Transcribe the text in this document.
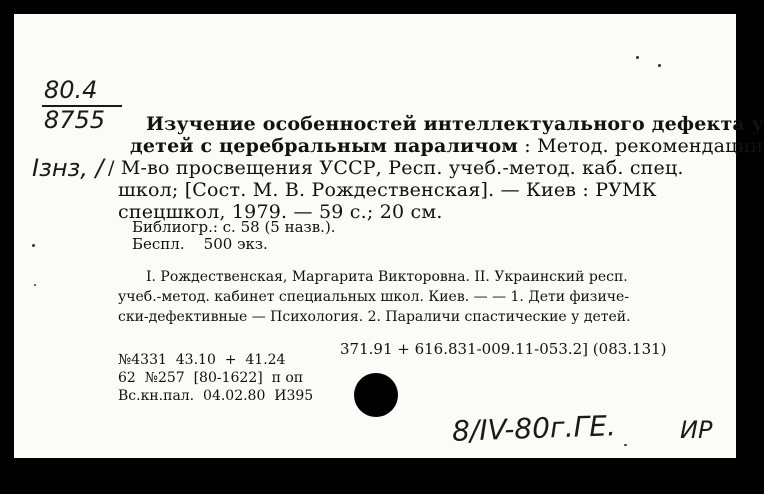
80.4
8755
Ізнз, /
Изучение особенностей интеллектуального дефекта у
детей с церебральным параличом : Метод. рекомендации
/ М-во просвещения УССР, Респ. учеб.-метод. каб. спец.
школ; [Сост. М. В. Рождественская]. — Киев : РУМК
спецшкол, 1979. — 59 с.; 20 см.
Библиогр.: с. 58 (5 назв.).
Беспл.    500 экз.
I. Рождественская, Маргарита Викторовна. II. Украинский респ.
учеб.-метод. кабинет специальных школ. Киев. — — 1. Дети физиче-
ски-дефективные — Психология. 2. Параличи спастические у детей.
371.91 + 616.831-009.11-053.2] (083.131)
№4331  43.10  +  41.24
62  №257  [80-1622]  п оп
Вс.кн.пал.  04.02.80  И395
8/IV-80г.ГЕ.	ИР
